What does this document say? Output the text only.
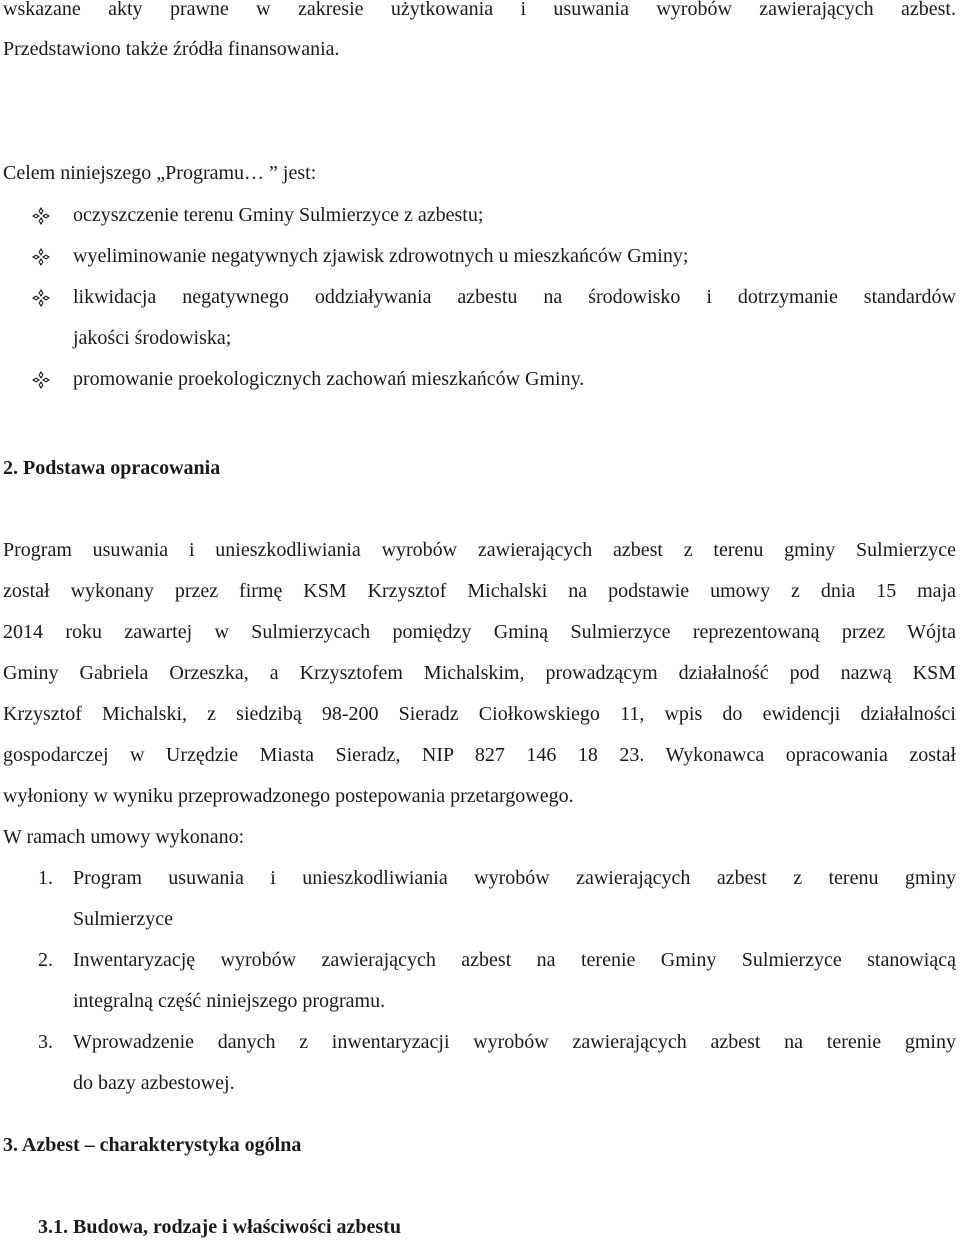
wskazane akty prawne w zakresie użytkowania i usuwania wyrobów zawierających azbest.
Przedstawiono także źródła finansowania.
Celem niniejszego „Programu… ” jest:
oczyszczenie terenu Gminy Sulmierzyce z azbestu;
wyeliminowanie negatywnych zjawisk zdrowotnych u mieszkańców Gminy;
likwidacja negatywnego oddziaływania azbestu na środowisko i dotrzymanie standardów
jakości środowiska;
promowanie proekologicznych zachowań mieszkańców Gminy.
2. Podstawa opracowania
Program usuwania i unieszkodliwiania wyrobów zawierających azbest z terenu gminy Sulmierzyce
został wykonany przez firmę KSM Krzysztof Michalski na podstawie umowy z dnia 15 maja
2014 roku zawartej w Sulmierzycach pomiędzy Gminą Sulmierzyce reprezentowaną przez Wójta
Gminy Gabriela Orzeszka, a Krzysztofem Michalskim, prowadzącym działalność pod nazwą KSM
Krzysztof Michalski, z siedzibą 98-200 Sieradz Ciołkowskiego 11, wpis do ewidencji działalności
gospodarczej w Urzędzie Miasta Sieradz, NIP 827 146 18 23. Wykonawca opracowania został
wyłoniony w wyniku przeprowadzonego postepowania przetargowego.
W ramach umowy wykonano:
1. Program usuwania i unieszkodliwiania wyrobów zawierających azbest z terenu gminy
Sulmierzyce
2. Inwentaryzację wyrobów zawierających azbest na terenie Gminy Sulmierzyce stanowiącą
integralną część niniejszego programu.
3. Wprowadzenie danych z inwentaryzacji wyrobów zawierających azbest na terenie gminy
do bazy azbestowej.
3. Azbest – charakterystyka ogólna
3.1. Budowa, rodzaje i właściwości azbestu
